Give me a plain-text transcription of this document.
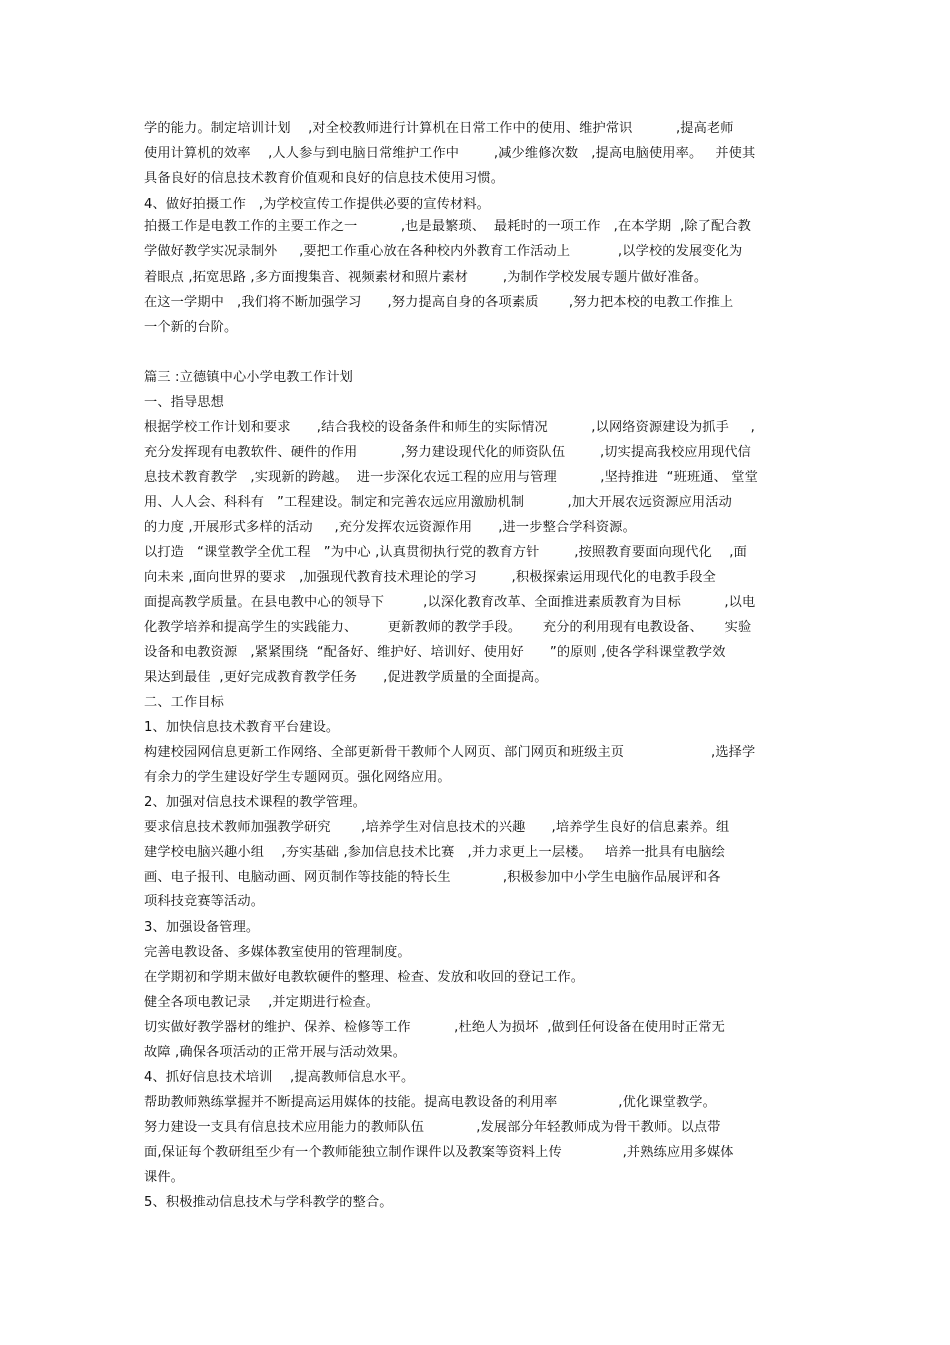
学的能力。制定培训计划    ,对全校教师进行计算机在日常工作中的使用、维护常识          ,提高老师
使用计算机的效率    ,人人参与到电脑日常维护工作中        ,减少维修次数   ,提高电脑使用率。   并使其
具备良好的信息技术教育价值观和良好的信息技术使用习惯。
4、做好拍摄工作   ,为学校宣传工作提供必要的宣传材料。
拍摄工作是电教工作的主要工作之一          ,也是最繁琐、  最耗时的一项工作   ,在本学期  ,除了配合教
学做好教学实况录制外     ,要把工作重心放在各种校内外教育工作活动上           ,以学校的发展变化为
着眼点 ,拓宽思路 ,多方面搜集音、视频素材和照片素材        ,为制作学校发展专题片做好准备。
在这一学期中   ,我们将不断加强学习      ,努力提高自身的各项素质       ,努力把本校的电教工作推上
一个新的台阶。
篇三 :立德镇中心小学电教工作计划
一、指导思想
根据学校工作计划和要求      ,结合我校的设备条件和师生的实际情况          ,以网络资源建设为抓手     ,
充分发挥现有电教软件、硬件的作用          ,努力建设现代化的师资队伍        ,切实提高我校应用现代信
息技术教育教学   ,实现新的跨越。  进一步深化农远工程的应用与管理          ,坚持推进  “班班通、 堂堂
用、人人会、科科有   ”工程建设。制定和完善农远应用激励机制          ,加大开展农远资源应用活动
的力度 ,开展形式多样的活动     ,充分发挥农远资源作用      ,进一步整合学科资源。
以打造   “课堂教学全优工程   ”为中心 ,认真贯彻执行党的教育方针        ,按照教育要面向现代化    ,面
向未来 ,面向世界的要求   ,加强现代教育技术理论的学习        ,积极探索运用现代化的电教手段全
面提高教学质量。在县电教中心的领导下         ,以深化教育改革、全面推进素质教育为目标          ,以电
化教学培养和提高学生的实践能力、       更新教师的教学手段。     充分的利用现有电教设备、     实验
设备和电教资源   ,紧紧围绕  “配备好、维护好、培训好、使用好      ”的原则 ,使各学科课堂教学效
果达到最佳  ,更好完成教育教学任务      ,促进教学质量的全面提高。
二、工作目标
1、加快信息技术教育平台建设。
构建校园网信息更新工作网络、全部更新骨干教师个人网页、部门网页和班级主页                    ,选择学
有余力的学生建设好学生专题网页。强化网络应用。
2、加强对信息技术课程的教学管理。
要求信息技术教师加强教学研究       ,培养学生对信息技术的兴趣      ,培养学生良好的信息素养。组
建学校电脑兴趣小组    ,夯实基础 ,参加信息技术比赛   ,并力求更上一层楼。   培养一批具有电脑绘
画、电子报刊、电脑动画、网页制作等技能的特长生            ,积极参加中小学生电脑作品展评和各
项科技竞赛等活动。
3、加强设备管理。
完善电教设备、多媒体教室使用的管理制度。
在学期初和学期末做好电教软硬件的整理、检查、发放和收回的登记工作。
健全各项电教记录    ,并定期进行检查。
切实做好教学器材的维护、保养、检修等工作          ,杜绝人为损坏  ,做到任何设备在使用时正常无
故障 ,确保各项活动的正常开展与活动效果。
4、抓好信息技术培训    ,提高教师信息水平。
帮助教师熟练掌握并不断提高运用媒体的技能。提高电教设备的利用率              ,优化课堂教学。
努力建设一支具有信息技术应用能力的教师队伍            ,发展部分年轻教师成为骨干教师。以点带
面,保证每个教研组至少有一个教师能独立制作课件以及教案等资料上传              ,并熟练应用多媒体
课件。
5、积极推动信息技术与学科教学的整合。
